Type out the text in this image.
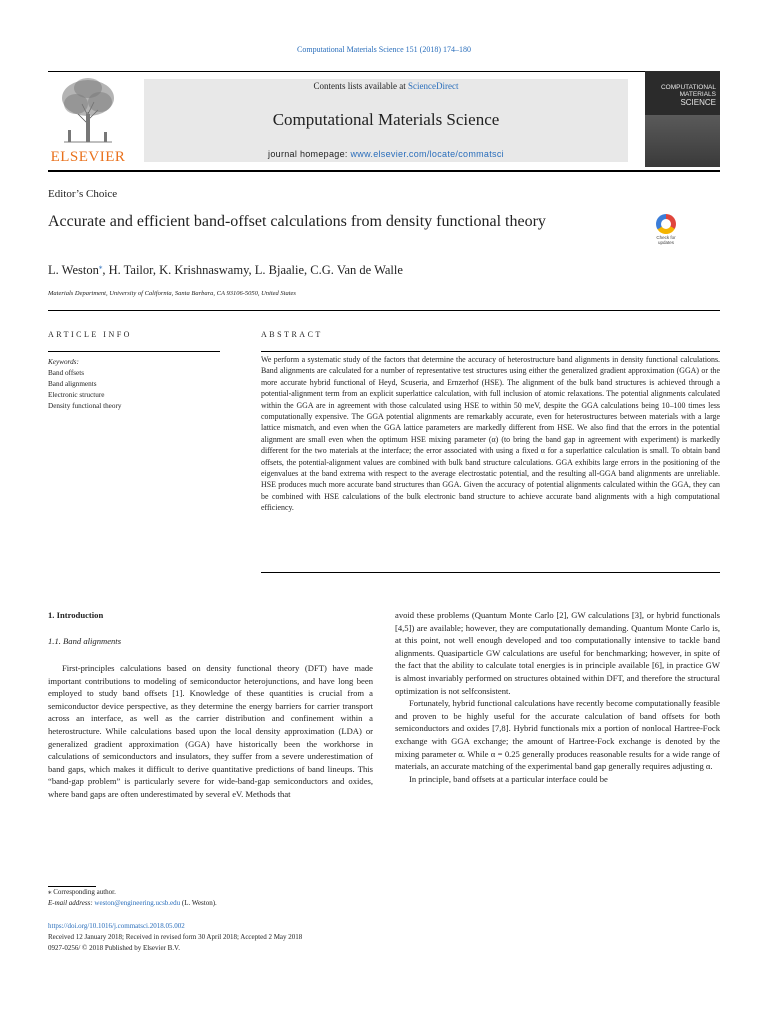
Computational Materials Science 151 (2018) 174–180
ELSEVIER
Contents lists available at ScienceDirect
Computational Materials Science
journal homepage: www.elsevier.com/locate/commatsci
COMPUTATIONAL
MATERIALS
SCIENCE
Editor’s Choice
Accurate and efficient band-offset calculations from density functional theory
Check for updates
L. Weston⁎, H. Tailor, K. Krishnaswamy, L. Bjaalie, C.G. Van de Walle
Materials Department, University of California, Santa Barbara, CA 93106-5050, United States
ARTICLE INFO	ABSTRACT
Keywords:
Band offsets
Band alignments
Electronic structure
Density functional theory
We perform a systematic study of the factors that determine the accuracy of heterostructure band alignments in density functional calculations. Band alignments are calculated for a number of representative test structures using either the generalized gradient approximation (GGA) or the more accurate hybrid functional of Heyd, Scuseria, and Ernzerhof (HSE). The alignment of the bulk band structures is achieved through a potential-alignment term from an explicit superlattice calculation, with full inclusion of atomic relaxations. The potential alignments calculated within the GGA are in agreement with those calculated using HSE to within 50 meV, despite the GGA calculations being 10–100 times less computationally expensive. The GGA potential alignments are remarkably accurate, even for heterostructures between materials with a large lattice mismatch, and even when the GGA lattice parameters are markedly different from HSE. We also find that the errors in the potential alignment are small even when the optimum HSE mixing parameter (α) (to bring the band gap in agreement with experiment) is markedly different for the two materials at the interface; the error associated with using a fixed α for a superlattice calculation is small. To obtain band offsets, the potential-alignment values are combined with bulk band structure calculations. GGA exhibits large errors in the positioning of the eigenvalues at the band extrema with respect to the average electrostatic potential, and the resulting all-GGA band alignments are unreliable. HSE produces much more accurate band structures than GGA. Given the accuracy of potential alignments calculated within the GGA, they can be combined with HSE calculations of the bulk electronic band structure to achieve accurate band alignments with a high computational efficiency.
1. Introduction
1.1. Band alignments

First-principles calculations based on density functional theory (DFT) have made important contributions to modeling of semiconductor heterojunctions, and have long been employed to study band offsets [1]. Knowledge of these quantities is crucial from a semiconductor device perspective, as they determine the energy barriers for carrier transport across an interface, as well as the carrier distribution and confinement within a heterostructure. While calculations based upon the local density approximation (LDA) or generalized gradient approximation (GGA) have historically been the workhorse in calculations of semiconductors and insulators, they suffer from a severe underestimation of band gaps, which makes it difficult to derive quantitative predictions of band lineups. This “band-gap problem” is particularly severe for wide-band-gap semiconductors and oxides, where band gaps are often underestimated by several eV. Methods that

avoid these problems (Quantum Monte Carlo [2], GW calculations [3], or hybrid functionals [4,5]) are available; however, they are computationally demanding. Quantum Monte Carlo is, at this point, not well enough developed and too computationally intensive to tackle band alignments. Quasiparticle GW calculations are useful for benchmarking; however, in spite of the fact that the ability to calculate total energies is in principle available [6], in practice GW is almost invariably performed on structures obtained within DFT, and therefore the structural optimization is not selfconsistent.

Fortunately, hybrid functional calculations have recently become computationally feasible and proven to be highly useful for the accurate calculation of band offsets for both semiconductors and oxides [7,8]. Hybrid functionals mix a portion of nonlocal Hartree-Fock exchange with GGA exchange; the amount of Hartree-Fock exchange is denoted by the mixing parameter α. While α = 0.25 generally produces reasonable results for a wide range of materials, an accurate matching of the experimental band gap generally requires adjusting α.

In principle, band offsets at a particular interface could be

⁎ Corresponding author.
E-mail address: weston@engineering.ucsb.edu (L. Weston).
https://doi.org/10.1016/j.commatsci.2018.05.002
Received 12 January 2018; Received in revised form 30 April 2018; Accepted 2 May 2018
0927-0256/ © 2018 Published by Elsevier B.V.
